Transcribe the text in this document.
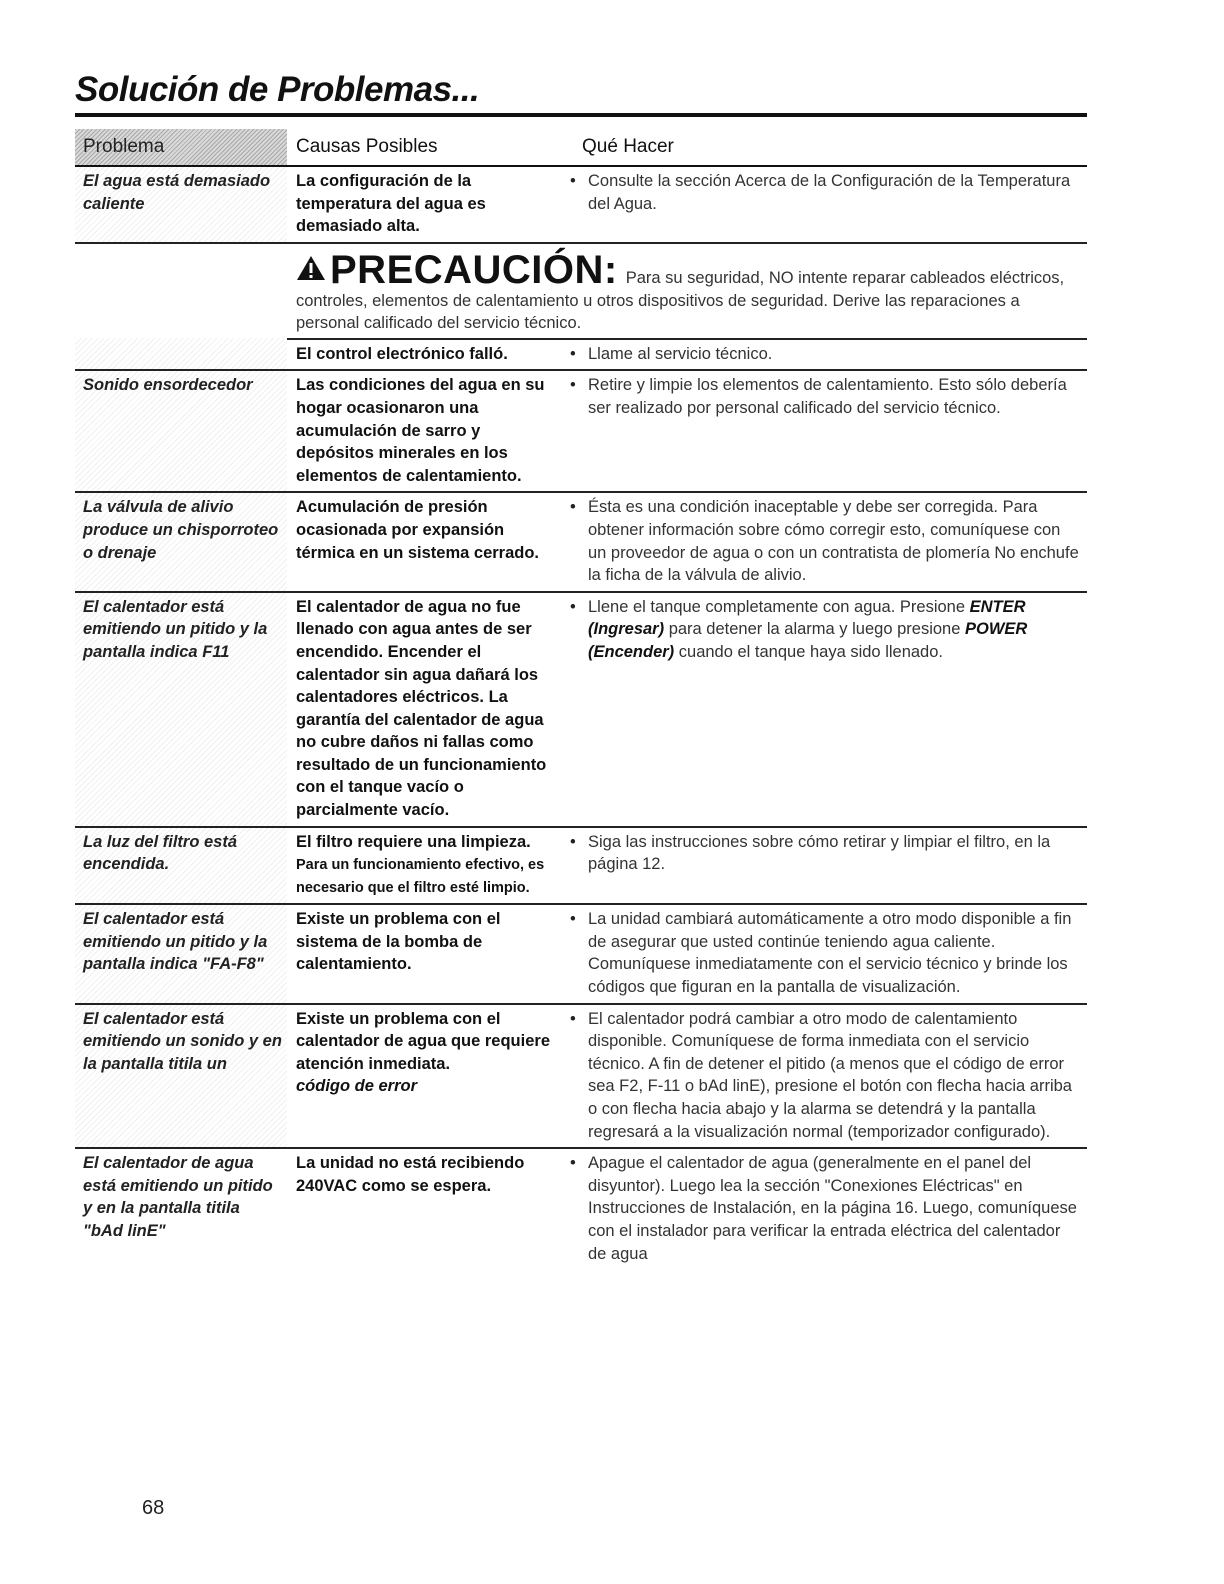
Solución de Problemas...
Problema	Causas Posibles	Qué Hacer
El agua está demasiado caliente
La configuración de la temperatura del agua es demasiado alta.
• Consulte la sección Acerca de la Configuración de la Temperatura del Agua.
PRECAUCIÓN: Para su seguridad, NO intente reparar cableados eléctricos, controles, elementos de calentamiento u otros dispositivos de seguridad. Derive las reparaciones a personal calificado del servicio técnico.
El control electrónico falló.
•	Llame al servicio técnico.
Sonido ensordecedor	Las condiciones del agua en su hogar ocasionaron una acumulación de sarro y depósitos minerales en los elementos de calentamiento.
• Retire y limpie los elementos de calentamiento. Esto sólo debería ser realizado por personal calificado del servicio técnico.
La válvula de alivio produce un chisporroteo o drenaje
Acumulación de presión ocasionada por expansión térmica en un sistema cerrado.
• Ésta es una condición inaceptable y debe ser corregida. Para obtener información sobre cómo corregir esto, comuníquese con un proveedor de agua o con un contratista de plomería No enchufe la ficha de la válvula de alivio.
El calentador está emitiendo un pitido y la pantalla indica F11
El calentador de agua no fue llenado con agua antes de ser encendido. Encender el calentador sin agua dañará los calentadores eléctricos. La garantía del calentador de agua no cubre daños ni fallas como resultado de un funcionamiento con el tanque vacío o parcialmente vacío.
• Llene el tanque completamente con agua. Presione ENTER (Ingresar) para detener la alarma y luego presione POWER (Encender) cuando el tanque haya sido llenado.
La luz del filtro está encendida.
El filtro requiere una limpieza.
Para un funcionamiento efectivo, es necesario que el filtro esté limpio.
• Siga las instrucciones sobre cómo retirar y limpiar el filtro, en la página 12.
El calentador está emitiendo un pitido y la pantalla indica "FA-F8"
Existe un problema con el sistema de la bomba de calentamiento.
• La unidad cambiará automáticamente a otro modo disponible a fin de asegurar que usted continúe teniendo agua caliente. Comuníquese inmediatamente con el servicio técnico y brinde los códigos que figuran en la pantalla de visualización.
El calentador está emitiendo un sonido y en la pantalla titila un
Existe un problema con el calentador de agua que requiere atención inmediata.
código de error
• El calentador podrá cambiar a otro modo de calentamiento disponible. Comuníquese de forma inmediata con el servicio técnico. A fin de detener el pitido (a menos que el código de error sea F2, F-11 o bAd linE), presione el botón con flecha hacia arriba o con flecha hacia abajo y la alarma se detendrá y la pantalla regresará a la visualización normal (temporizador configurado).
El calentador de agua está emitiendo un pitido y en la pantalla titila "bAd linE"
La unidad no está recibiendo 240VAC como se espera.
• Apague el calentador de agua (generalmente en el panel del disyuntor). Luego lea la sección "Conexiones Eléctricas" en Instrucciones de Instalación, en la página 16. Luego, comuníquese con el instalador para verificar la entrada eléctrica del calentador de agua
68
